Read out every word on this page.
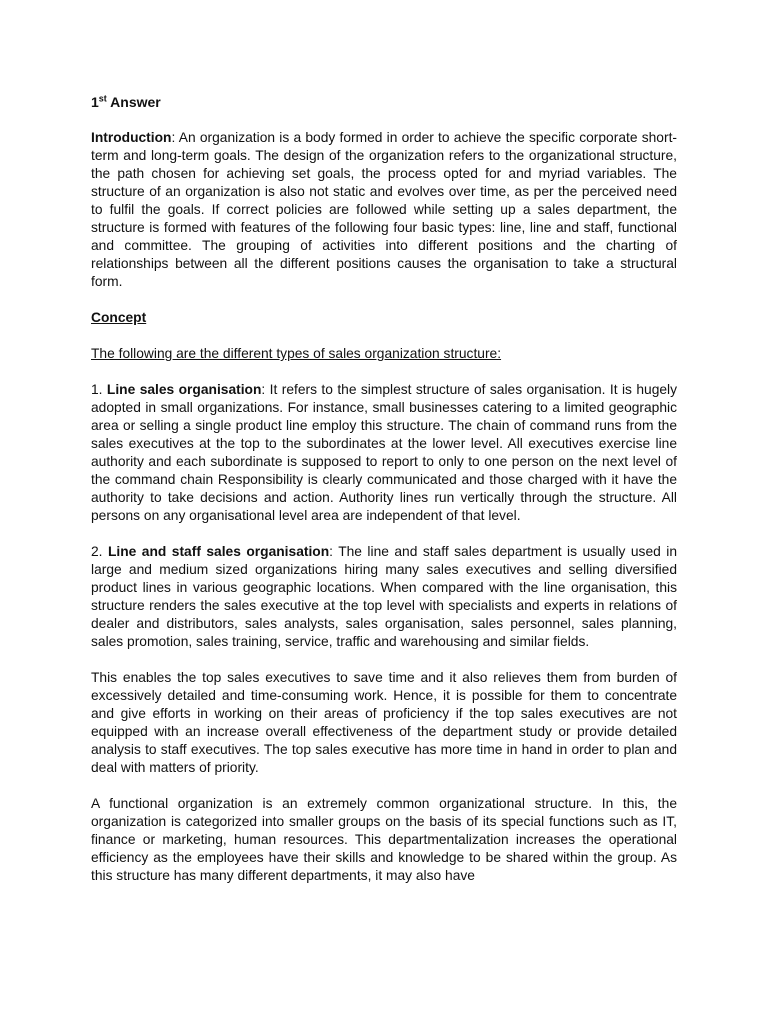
1st Answer

Introduction: An organization is a body formed in order to achieve the specific corporate short-term and long-term goals. The design of the organization refers to the organizational structure, the path chosen for achieving set goals, the process opted for and myriad variables. The structure of an organization is also not static and evolves over time, as per the perceived need to fulfil the goals. If correct policies are followed while setting up a sales department, the structure is formed with features of the following four basic types: line, line and staff, functional and committee. The grouping of activities into different positions and the charting of relationships between all the different positions causes the organisation to take a structural form.

Concept
The following are the different types of sales organization structure:

1. Line sales organisation: It refers to the simplest structure of sales organisation. It is hugely adopted in small organizations. For instance, small businesses catering to a limited geographic area or selling a single product line employ this structure. The chain of command runs from the sales executives at the top to the subordinates at the lower level. All executives exercise line authority and each subordinate is supposed to report to only to one person on the next level of the command chain Responsibility is clearly communicated and those charged with it have the authority to take decisions and action. Authority lines run vertically through the structure. All persons on any organisational level area are independent of that level.

2. Line and staff sales organisation: The line and staff sales department is usually used in large and medium sized organizations hiring many sales executives and selling diversified product lines in various geographic locations. When compared with the line organisation, this structure renders the sales executive at the top level with specialists and experts in relations of dealer and distributors, sales analysts, sales organisation, sales personnel, sales planning, sales promotion, sales training, service, traffic and warehousing and similar fields.

This enables the top sales executives to save time and it also relieves them from burden of excessively detailed and time-consuming work. Hence, it is possible for them to concentrate and give efforts in working on their areas of proficiency if the top sales executives are not equipped with an increase overall effectiveness of the department study or provide detailed analysis to staff executives. The top sales executive has more time in hand in order to plan and deal with matters of priority.

A functional organization is an extremely common organizational structure. In this, the organization is categorized into smaller groups on the basis of its special functions such as IT, finance or marketing, human resources. This departmentalization increases the operational efficiency as the employees have their skills and knowledge to be shared within the group. As this structure has many different departments, it may also have
